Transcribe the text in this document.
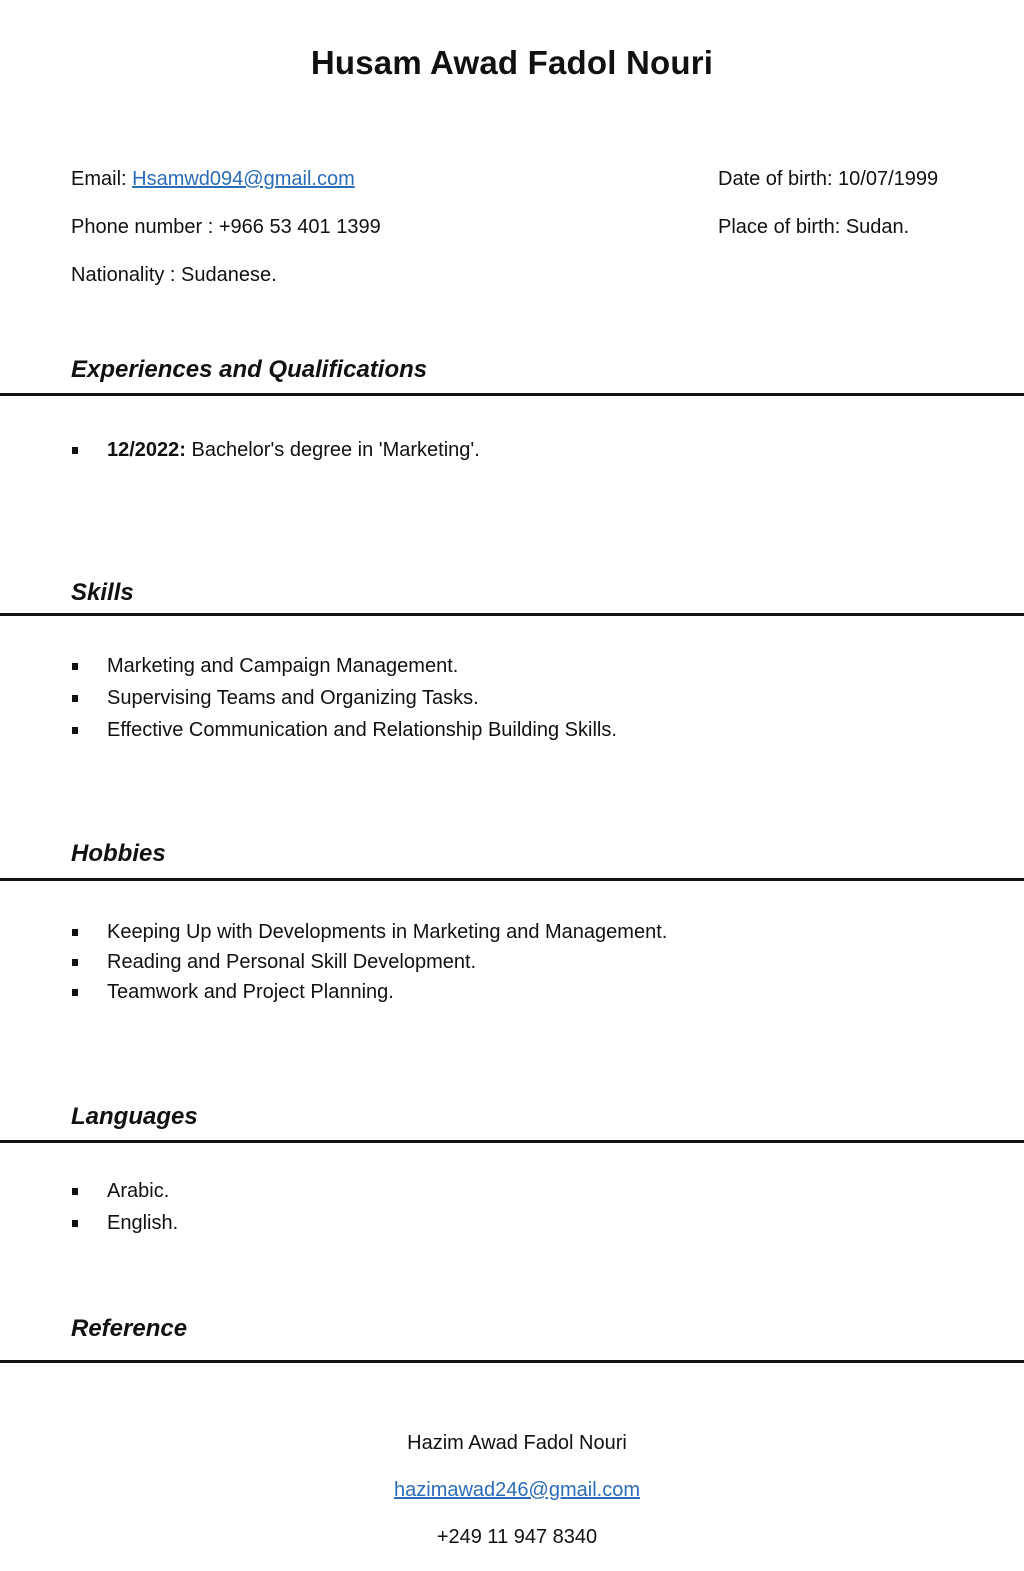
Husam Awad Fadol Nouri
Email: Hsamwd094@gmail.com
Phone number : +966 53 401 1399
Nationality : Sudanese.
Date of birth: 10/07/1999
Place of birth: Sudan.
Experiences and Qualifications
12/2022: Bachelor's degree in 'Marketing'.
Skills
Marketing and Campaign Management.
Supervising Teams and Organizing Tasks.
Effective Communication and Relationship Building Skills.
Hobbies
Keeping Up with Developments in Marketing and Management.
Reading and Personal Skill Development.
Teamwork and Project Planning.
Languages
Arabic.
English.
Reference
Hazim Awad Fadol Nouri
hazimawad246@gmail.com
+249 11 947 8340
